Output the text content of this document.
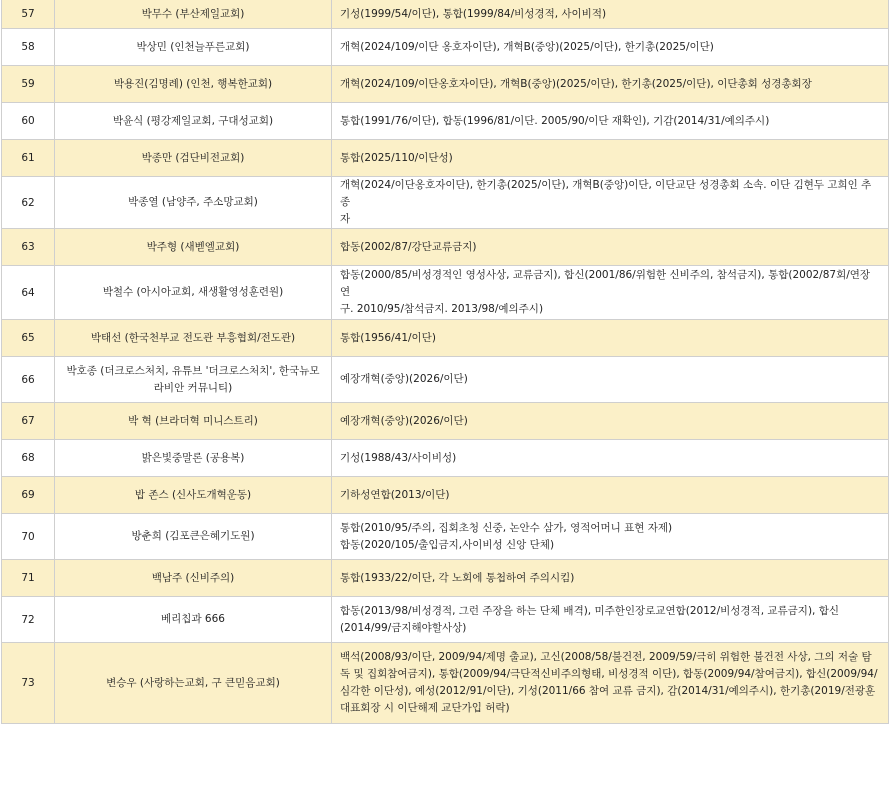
57	박무수 (부산제일교회)	기성(1999/54/이단), 통합(1999/84/비성경적, 사이비적)

58	박상민 (인천늘푸른교회)	개혁(2024/109/이단 옹호자이단), 개혁B(중앙)(2025/이단), 한기총(2025/이단)

59	박용진(김명례) (인천, 행복한교회)	개혁(2024/109/이단옹호자이단), 개혁B(중앙)(2025/이단), 한기총(2025/이단), 이단총회 성경총회장

60	박윤식 (평강제일교회, 구대성교회)	통합(1991/76/이단), 합동(1996/81/이단. 2005/90/이단 재확인), 기감(2014/31/예의주시)

61	박종만 (검단비전교회)	통합(2025/110/이단성)

62	박종열 (남양주, 주소망교회)	개혁(2024/이단옹호자이단), 한기총(2025/이단), 개혁B(중앙)이단, 이단교단 성경총회 소속. 이단 김현두 고희인 추종
자

63	박주형 (새벧엘교회)	합동(2002/87/강단교류금지)

64	박철수 (아시아교회, 새생활영성훈련원)	합동(2000/85/비성경적인 영성사상, 교류금지), 합신(2001/86/위험한 신비주의, 참석금지), 통합(2002/87회/연장연
구. 2010/95/참석금지. 2013/98/예의주시)

65	박태선 (한국천부교 전도관 부흥협회/전도관)	통합(1956/41/이단)

66	박호종 (더크로스처치, 유튜브 '더크로스처치', 한국뉴모라비안 커뮤니티)	예장개혁(중앙)(2026/이단)

67	박 혁 (브라더혁 미니스트리)	예장개혁(중앙)(2026/이단)

68	밝은빛중말론 (공용복)	기성(1988/43/사이비성)

69	밥 존스 (신사도개혁운동)	기하성연합(2013/이단)

70	방춘희 (김포큰은혜기도원)	통합(2010/95/주의, 집회초청 신중, 논안수 삼가, 영적어머니 표현 자제)
합동(2020/105/출입금지,사이비성 신앙 단체)

71	백남주 (신비주의)	통합(1933/22/이단, 각 노회에 통첩하여 주의시킴)

72	베리칩과 666	합동(2013/98/비성경적, 그런 주장을 하는 단체 배격), 미주한인장로교연합(2012/비성경적, 교류금지), 합신
(2014/99/금지해야할사상)

73	변승우 (사랑하는교회, 구 큰믿음교회)	백석(2008/93/이단, 2009/94/제명 출교), 고신(2008/58/불건전, 2009/59/극히 위험한 불건전 사상, 그의 저술 탐
독 및 집회참여금지), 통합(2009/94/극단적신비주의형태, 비성경적 이단), 합동(2009/94/참여금지), 합신(2009/94/
심각한 이단성), 예성(2012/91/이단), 기성(2011/66 참여 교류 금지), 감(2014/31/예의주시), 한기총(2019/전광훈
대표회장 시 이단해제 교단가입 허락)
